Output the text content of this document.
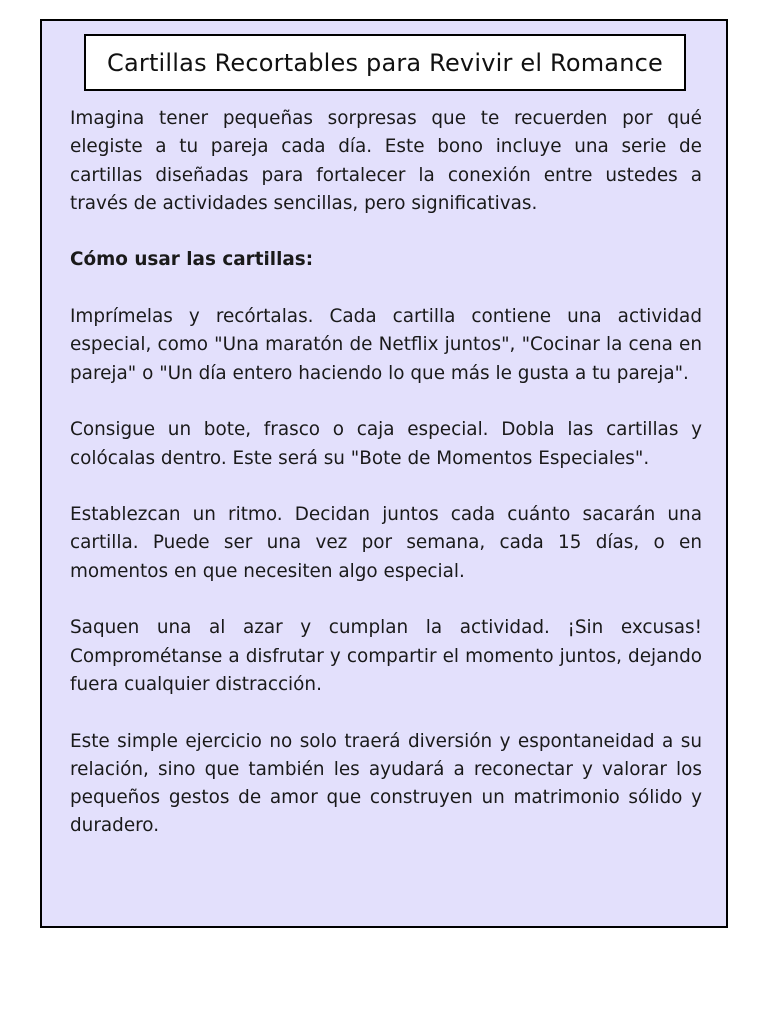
Cartillas Recortables para Revivir el Romance

Imagina tener pequeñas sorpresas que te recuerden por qué elegiste a tu pareja cada día. Este bono incluye una serie de cartillas diseñadas para fortalecer la conexión entre ustedes a través de actividades sencillas, pero significativas.

Cómo usar las cartillas:

Imprímelas y recórtalas. Cada cartilla contiene una actividad especial, como "Una maratón de Netflix juntos", "Cocinar la cena en pareja" o "Un día entero haciendo lo que más le gusta a tu pareja".

Consigue un bote, frasco o caja especial. Dobla las cartillas y colócalas dentro. Este será su "Bote de Momentos Especiales".

Establezcan un ritmo. Decidan juntos cada cuánto sacarán una cartilla. Puede ser una vez por semana, cada 15 días, o en momentos en que necesiten algo especial.

Saquen una al azar y cumplan la actividad. ¡Sin excusas! Comprométanse a disfrutar y compartir el momento juntos, dejando fuera cualquier distracción.

Este simple ejercicio no solo traerá diversión y espontaneidad a su relación, sino que también les ayudará a reconectar y valorar los pequeños gestos de amor que construyen un matrimonio sólido y duradero.
